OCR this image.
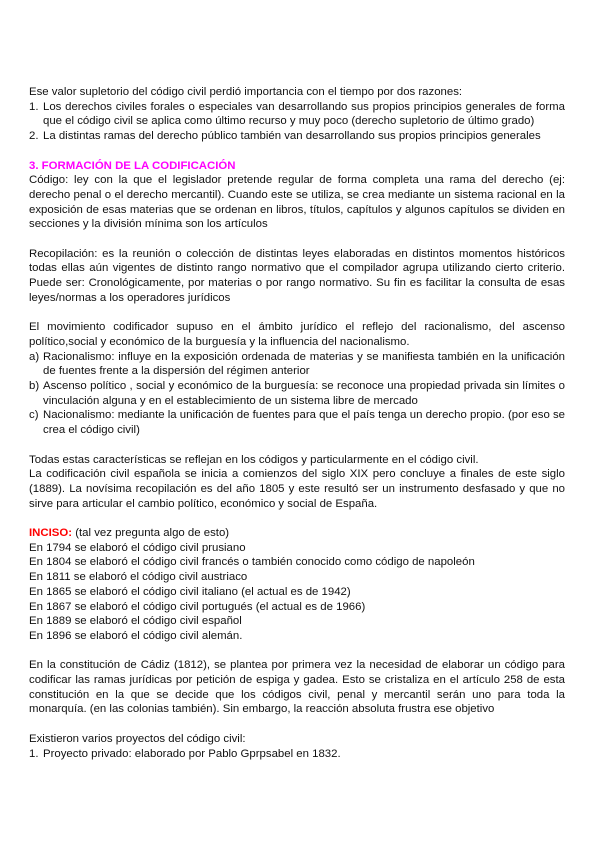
Ese valor supletorio del código civil perdió importancia con el tiempo por dos razones:

1. Los derechos civiles forales o especiales van desarrollando sus propios principios generales de forma que el código civil se aplica como último recurso y muy poco (derecho supletorio de último grado)
2. La distintas ramas del derecho público también van desarrollando sus propios principios generales

3. FORMACIÓN DE LA CODIFICACIÓN

Código: ley con la que el legislador pretende regular de forma completa una rama del derecho (ej: derecho penal o el derecho mercantil). Cuando este se utiliza, se crea mediante un sistema racional en la exposición de esas materias que se ordenan en libros, títulos, capítulos y algunos capítulos se dividen en secciones y la división mínima son los artículos

Recopilación: es la reunión o colección de distintas leyes elaboradas en distintos momentos históricos todas ellas aún vigentes de distinto rango normativo que el compilador agrupa utilizando cierto criterio. Puede ser: Cronológicamente, por materias o por rango normativo. Su fin es facilitar la consulta de esas leyes/normas a los operadores jurídicos

El movimiento codificador supuso en el ámbito jurídico el reflejo del racionalismo, del ascenso político,social y económico de la burguesía y la influencia del nacionalismo.

a) Racionalismo: influye en la exposición ordenada de materias y se manifiesta también en la unificación de fuentes frente a la dispersión del régimen anterior
b) Ascenso político , social y económico de la burguesía: se reconoce una propiedad privada sin límites o vinculación alguna y en el establecimiento de un sistema libre de mercado
c) Nacionalismo: mediante la unificación de fuentes para que el país tenga un derecho propio. (por eso se crea el código civil)

Todas estas características se reflejan en los códigos y particularmente en el código civil.

La codificación civil española se inicia a comienzos del siglo XIX pero concluye a finales de este siglo (1889). La novísima recopilación es del año 1805 y este resultó ser un instrumento desfasado y que no sirve para articular el cambio político, económico y social de España.

INCISO: (tal vez pregunta algo de esto)

En 1794 se elaboró el código civil prusiano

En 1804 se elaboró el código civil francés o también conocido como código de napoleón

En 1811 se elaboró el código civil austriaco

En 1865 se elaboró el código civil italiano (el actual es de 1942)

En 1867 se elaboró el código civil portugués (el actual es de 1966)

En 1889 se elaboró el código civil español

En 1896 se elaboró el código civil alemán.

En la constitución de Cádiz (1812), se plantea por primera vez la necesidad de elaborar un código para codificar las ramas jurídicas por petición de espiga y gadea. Esto se cristaliza en el artículo 258 de esta constitución en la que se decide que los códigos civil, penal y mercantil serán uno para toda la monarquía. (en las colonias también). Sin embargo, la reacción absoluta frustra ese objetivo

Existieron varios proyectos del código civil:

1. Proyecto privado: elaborado por Pablo Gprpsabel en 1832.
